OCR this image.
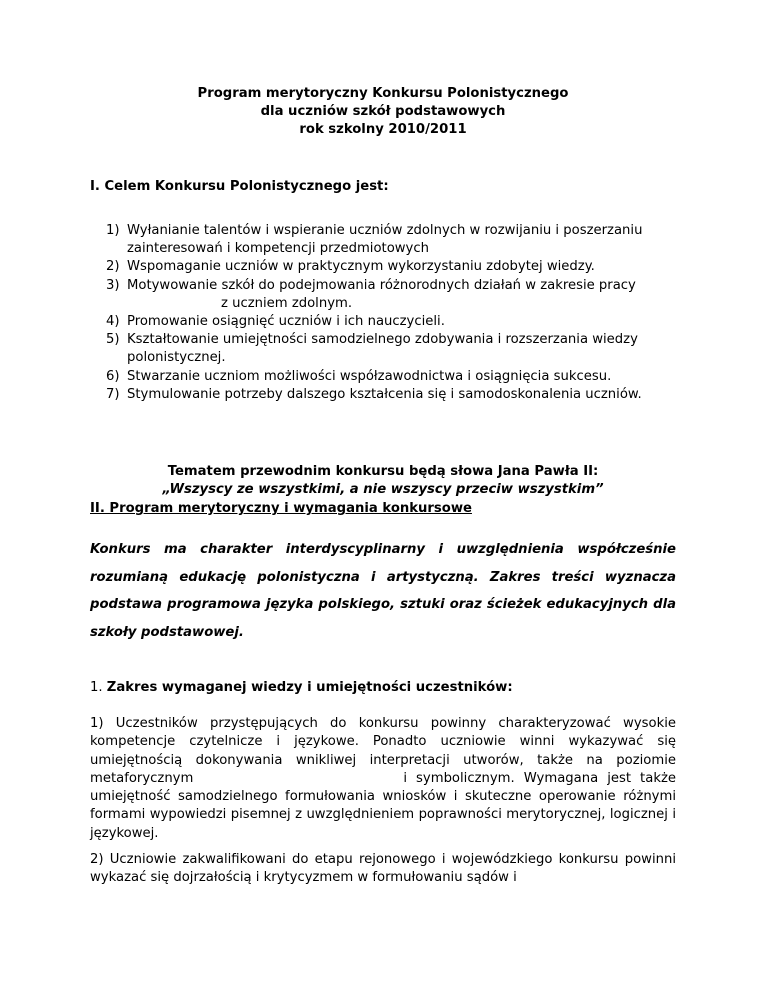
Program merytoryczny Konkursu Polonistycznego
dla uczniów szkół podstawowych
rok szkolny 2010/2011
I. Celem Konkursu Polonistycznego jest:
1) Wyłanianie talentów i wspieranie uczniów zdolnych w rozwijaniu i poszerzaniu zainteresowań i kompetencji przedmiotowych
2) Wspomaganie uczniów w praktycznym wykorzystaniu zdobytej wiedzy.
3) Motywowanie szkół do podejmowania różnorodnych działań w zakresie pracyz uczniem zdolnym.
4) Promowanie osiągnięć uczniów i ich nauczycieli.
5) Kształtowanie umiejętności samodzielnego zdobywania i rozszerzania wiedzy polonistycznej.
6) Stwarzanie uczniom możliwości współzawodnictwa i osiągnięcia sukcesu.
7) Stymulowanie potrzeby dalszego kształcenia się i samodoskonalenia uczniów.
Tematem przewodnim konkursu będą słowa Jana Pawła II:
„Wszyscy ze wszystkimi, a nie wszyscy przeciw wszystkim”
II. Program merytoryczny i wymagania konkursowe
Konkurs ma charakter interdyscyplinarny i uwzględnienia współcześnie rozumianą edukację polonistyczna i artystyczną. Zakres treści wyznacza podstawa programowa języka polskiego, sztuki oraz ścieżek edukacyjnych dla szkoły podstawowej.
1. Zakres wymaganej wiedzy i umiejętności uczestników:

1) Uczestników przystępujących do konkursu powinny charakteryzować wysokie kompetencje czytelnicze i językowe. Ponadto uczniowie winni wykazywać się umiejętnością dokonywania wnikliwej interpretacji utworów, także na poziomie metaforycznym	i symbolicznym. Wymagana jest także umiejętność samodzielnego formułowania wniosków i skuteczne operowanie różnymi formami wypowiedzi pisemnej z uwzględnieniem poprawności merytorycznej, logicznej i językowej.

2) Uczniowie zakwalifikowani do etapu rejonowego i wojewódzkiego konkursu powinni wykazać się dojrzałością i krytycyzmem w formułowaniu sądów i
